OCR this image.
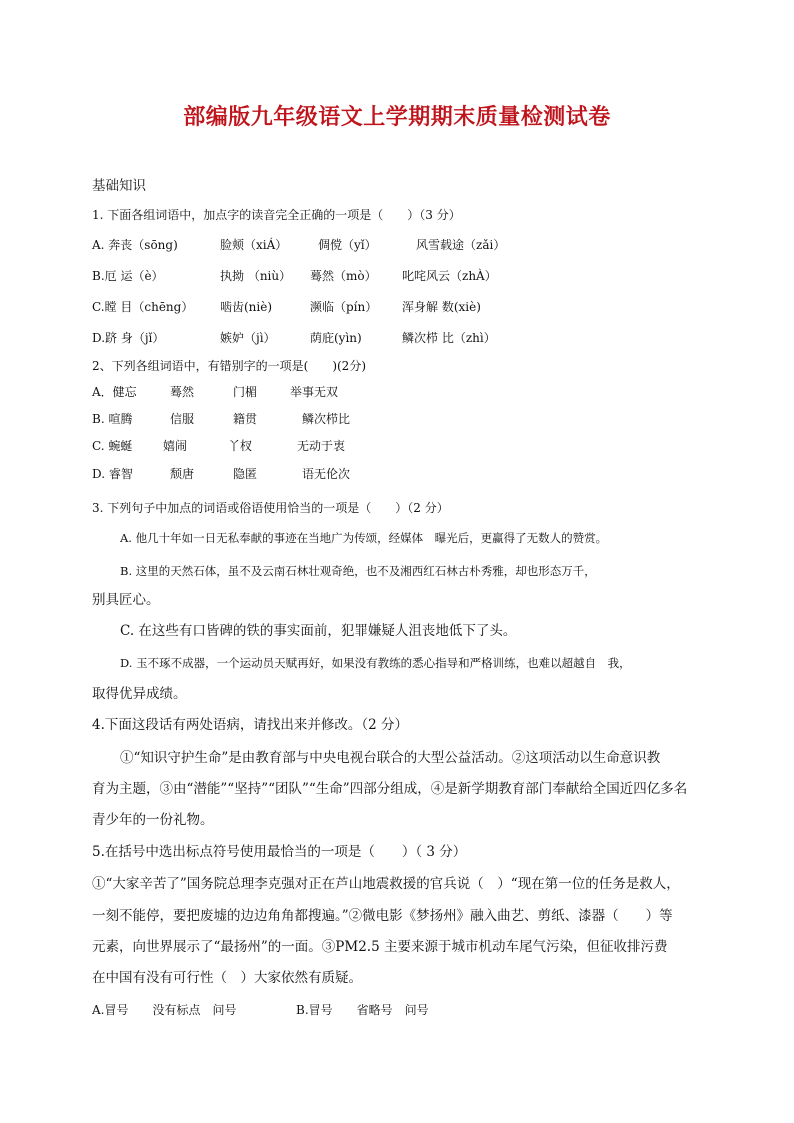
部编版九年级语文上学期期末质量检测试卷
基础知识
1. 下面各组词语中，加点字的读音完全正确的一项是（　　）（3 分）
A. 奔丧（sōng)	脸颊（xiÁ）	倜傥（yǐ）	风雪载途（zǎi）
B.厄 运（è）	执拗 （niù） 蓦然（mò） 叱咤风云（zhÀ）
C.瞠 目（chēng） 啮齿(niè)	濒临（pín） 浑身解 数(xiè)
D.跻 身（jǐ）	嫉妒（jì）	荫庇(yìn)	鳞次栉 比（zhì）
2、下列各组词语中，有错别字的一项是(　　)(2分)
A．健忘	蓦然	门楣	举事无双
B. 喧腾	信服	籍贯	鳞次栉比
C. 蜿蜒	嬉闹	丫杈	无动于衷
D. 睿智	颓唐	隐匿	语无伦次
3. 下列句子中加点的词语或俗语使用恰当的一项是（　　）（2 分）
A. 他几十年如一日无私奉献的事迹在当地广为传颂，经媒体　曝光后，更赢得了无数人的赞赏。
B. 这里的天然石体，虽不及云南石林壮观奇绝，也不及湘西红石林古朴秀雅，却也形态万千，
别具匠心。
C. 在这些有口皆碑的铁的事实面前，犯罪嫌疑人沮丧地低下了头。
D. 玉不琢不成器，一个运动员天赋再好，如果没有教练的悉心指导和严格训练，也难以超越自　我，
取得优异成绩。
4.下面这段话有两处语病，请找出来并修改。（2 分）
①“知识守护生命”是由教育部与中央电视台联合的大型公益活动。②这项活动以生命意识教
育为主题，③由“潜能”“坚持”“团队”“生命”四部分组成，④是新学期教育部门奉献给全国近四亿多名
青少年的一份礼物。
5.在括号中选出标点符号使用最恰当的一项是（　　）（ 3 分）
①“大家辛苦了”国务院总理李克强对正在芦山地震救援的官兵说（　）“现在第一位的任务是救人，
一刻不能停，要把废墟的边边角角都搜遍。”②微电影《梦扬州》融入曲艺、剪纸、漆器（　　）等
元素，向世界展示了“最扬州”的一面。③PM2.5 主要来源于城市机动车尾气污染，但征收排污费
在中国有没有可行性（　）大家依然有质疑。
A.冒号　　没有标点　问号	B.冒号　　省略号　问号
